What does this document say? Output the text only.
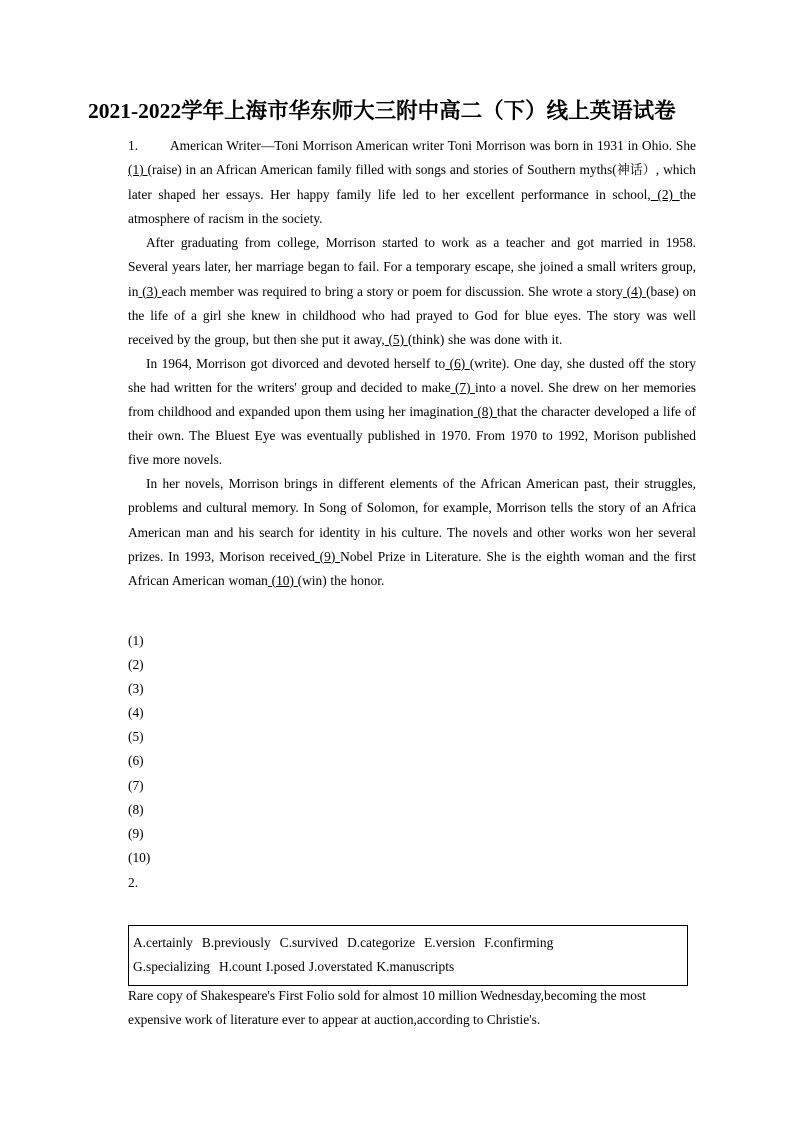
2021-2022学年上海市华东师大三附中高二（下）线上英语试卷

1. American Writer—Toni Morrison American writer Toni Morrison was born in 1931 in Ohio. She (1) (raise) in an African American family filled with songs and stories of Southern myths(神话）, which later shaped her essays. Her happy family life led to her excellent performance in school, (2) the atmosphere of racism in the society.

After graduating from college, Morrison started to work as a teacher and got married in 1958. Several years later, her marriage began to fail. For a temporary escape, she joined a small writers group, in (3) each member was required to bring a story or poem for discussion. She wrote a story (4) (base) on the life of a girl she knew in childhood who had prayed to God for blue eyes. The story was well received by the group, but then she put it away, (5) (think) she was done with it.

In 1964, Morrison got divorced and devoted herself to (6) (write). One day, she dusted off the story she had written for the writers' group and decided to make (7) into a novel. She drew on her memories from childhood and expanded upon them using her imagination (8) that the character developed a life of their own. The Bluest Eye was eventually published in 1970. From 1970 to 1992, Morison published five more novels.

In her novels, Morrison brings in different elements of the African American past, their struggles, problems and cultural memory. In Song of Solomon, for example, Morrison tells the story of an Africa American man and his search for identity in his culture. The novels and other works won her several prizes. In 1993, Morison received (9) Nobel Prize in Literature. She is the eighth woman and the first African American woman (10) (win) the honor.

(1)
(2)
(3)
(4)
(5)
(6)
(7)
(8)
(9)
(10)
2.
A.certainly B.previously C.survived D.categorize E.version F.confirming
G.specializing H.count I.posed J.overstated K.manuscripts
Rare copy of Shakespeare's First Folio sold for almost 10 million Wednesday,becoming the most
expensive work of literature ever to appear at auction,according to Christie's.
